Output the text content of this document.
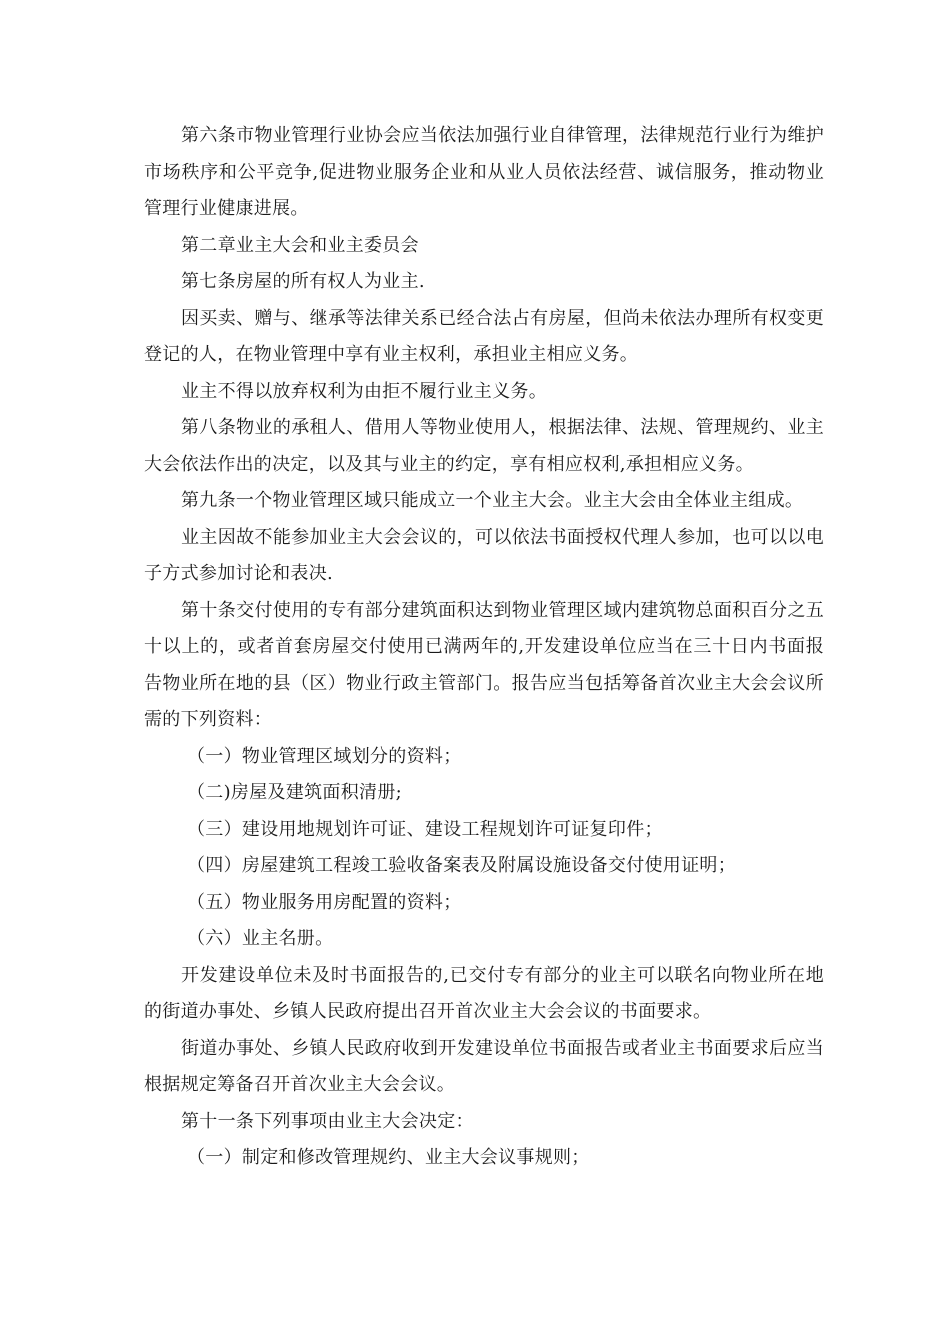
第六条市物业管理行业协会应当依法加强行业自律管理，法律规范行业行为维护市场秩序和公平竞争,促进物业服务企业和从业人员依法经营、诚信服务，推动物业管理行业健康进展。

第二章业主大会和业主委员会

第七条房屋的所有权人为业主.

因买卖、赠与、继承等法律关系已经合法占有房屋，但尚未依法办理所有权变更登记的人，在物业管理中享有业主权利，承担业主相应义务。

业主不得以放弃权利为由拒不履行业主义务。

第八条物业的承租人、借用人等物业使用人，根据法律、法规、管理规约、业主大会依法作出的决定，以及其与业主的约定，享有相应权利,承担相应义务。

第九条一个物业管理区域只能成立一个业主大会。业主大会由全体业主组成。

业主因故不能参加业主大会会议的，可以依法书面授权代理人参加，也可以以电子方式参加讨论和表决.

第十条交付使用的专有部分建筑面积达到物业管理区域内建筑物总面积百分之五十以上的，或者首套房屋交付使用已满两年的,开发建设单位应当在三十日内书面报告物业所在地的县（区）物业行政主管部门。报告应当包括筹备首次业主大会会议所需的下列资料：

（一）物业管理区域划分的资料；

（二)房屋及建筑面积清册;

（三）建设用地规划许可证、建设工程规划许可证复印件；

（四）房屋建筑工程竣工验收备案表及附属设施设备交付使用证明；

（五）物业服务用房配置的资料；

（六）业主名册。

开发建设单位未及时书面报告的,已交付专有部分的业主可以联名向物业所在地的街道办事处、乡镇人民政府提出召开首次业主大会会议的书面要求。

街道办事处、乡镇人民政府收到开发建设单位书面报告或者业主书面要求后应当根据规定筹备召开首次业主大会会议。

第十一条下列事项由业主大会决定：

（一）制定和修改管理规约、业主大会议事规则；
